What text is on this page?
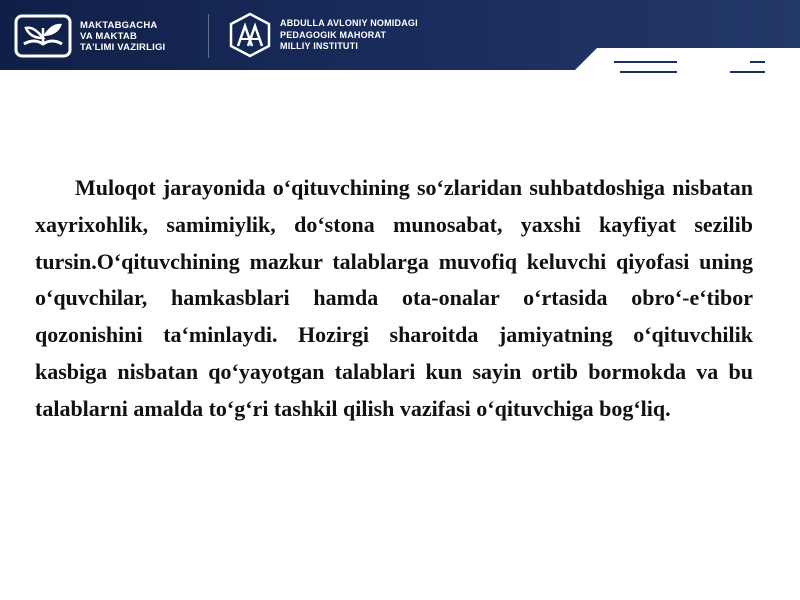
MAKTABGACHA
VA MAKTAB
TA’LIMI VAZIRLIGI
ABDULLA AVLONIY NOMIDAGI
PEDAGOGIK MAHORAT
MILLIY INSTITUTI

Muloqot jarayonida o‘qituvchining so‘zlaridan suhbatdoshiga nisbatan xayrixohlik, samimiylik, do‘stona munosabat, yaxshi kayfiyat sezilib tursin.O‘qituvchining mazkur talablarga muvofiq keluvchi qiyofasi uning o‘quvchilar, hamkasblari hamda ota-onalar o‘rtasida obro‘-e‘tibor qozonishini ta‘minlaydi. Hozirgi sharoitda jamiyatning o‘qituvchilik kasbiga nisbatan qo‘yayotgan talablari kun sayin ortib bormokda va bu talablarni amalda to‘g‘ri tashkil qilish vazifasi o‘qituvchiga bog‘liq.
